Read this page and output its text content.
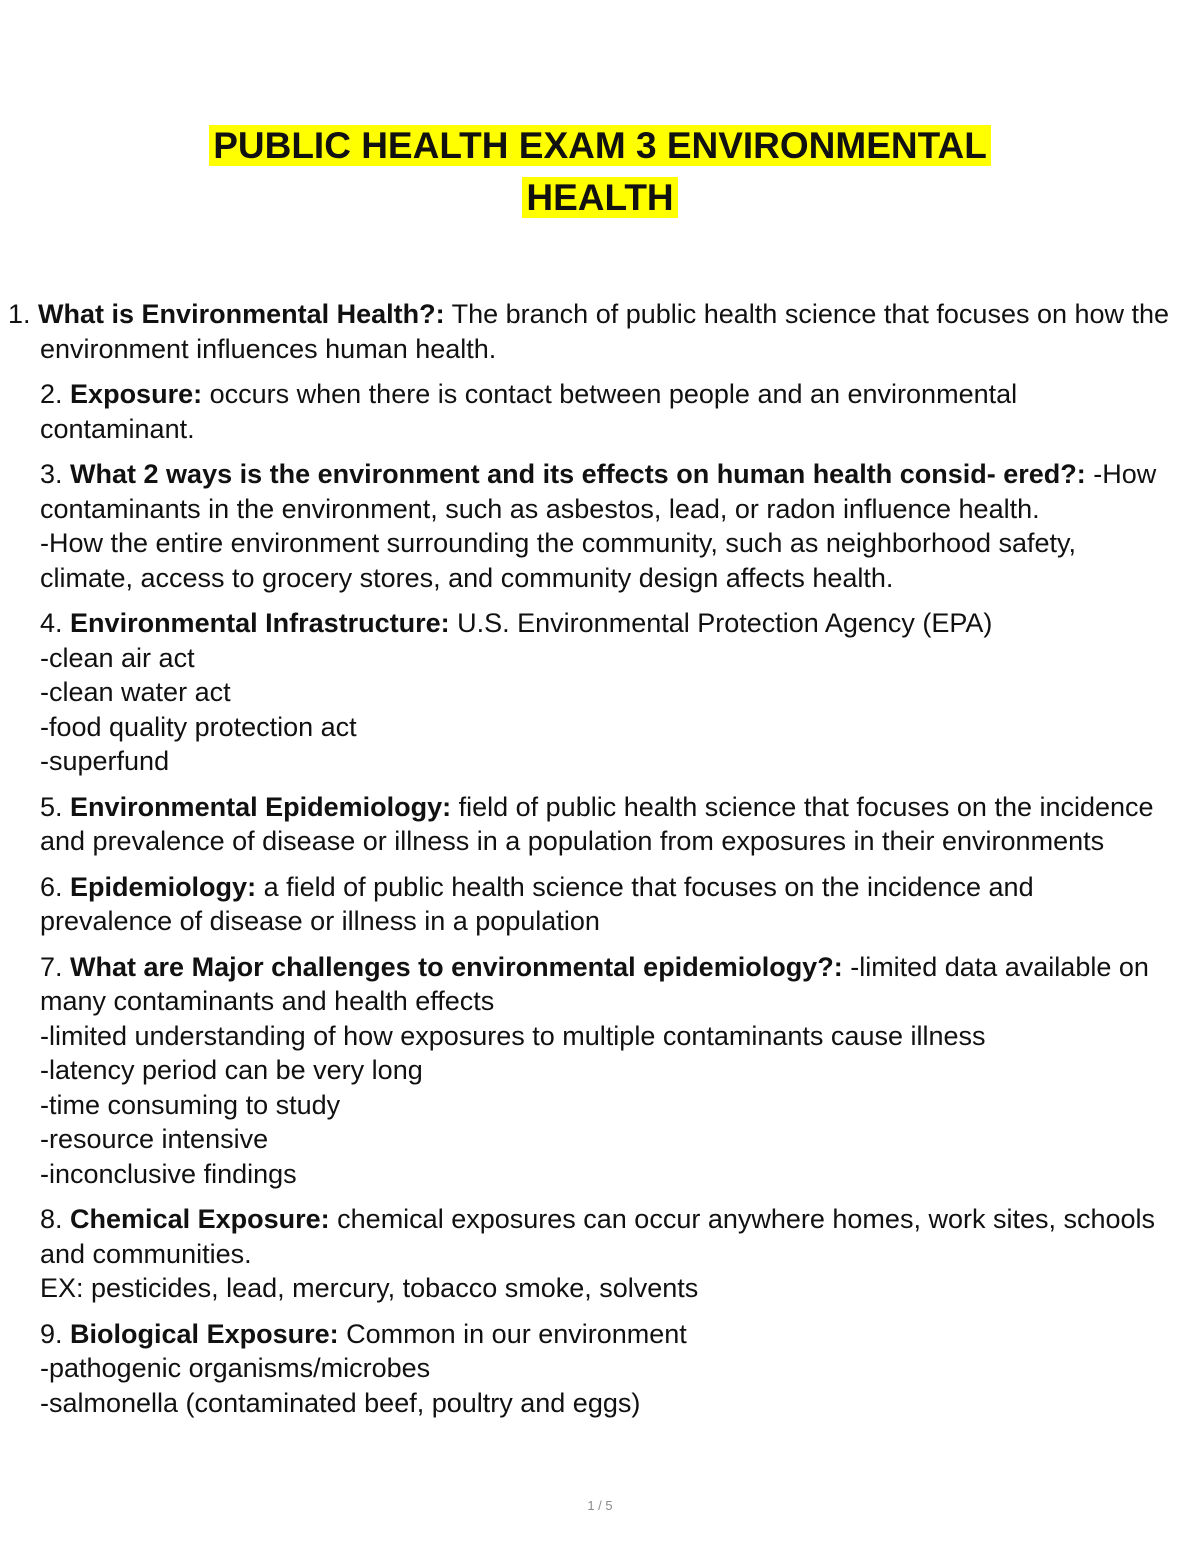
PUBLIC HEALTH EXAM 3 ENVIRONMENTAL
HEALTH
1. What is Environmental Health?: The branch of public health science that focuses on how the environment influences human health.
2. Exposure: occurs when there is contact between people and an environmental contaminant.
3. What 2 ways is the environment and its effects on human health consid- ered?: -How contaminants in the environment, such as asbestos, lead, or radon influence health.
-How the entire environment surrounding the community, such as neighborhood safety, climate, access to grocery stores, and community design affects health.
4. Environmental Infrastructure: U.S. Environmental Protection Agency (EPA)
-clean air act
-clean water act
-food quality protection act
-superfund
5. Environmental Epidemiology: field of public health science that focuses on the incidence and prevalence of disease or illness in a population from exposures in their environments
6. Epidemiology: a field of public health science that focuses on the incidence and prevalence of disease or illness in a population
7. What are Major challenges to environmental epidemiology?: -limited data available on many contaminants and health effects
-limited understanding of how exposures to multiple contaminants cause illness
-latency period can be very long
-time consuming to study
-resource intensive
-inconclusive findings
8. Chemical Exposure: chemical exposures can occur anywhere homes, work sites, schools and communities.
EX: pesticides, lead, mercury, tobacco smoke, solvents
9. Biological Exposure: Common in our environment
-pathogenic organisms/microbes
-salmonella (contaminated beef, poultry and eggs)
1 / 5
